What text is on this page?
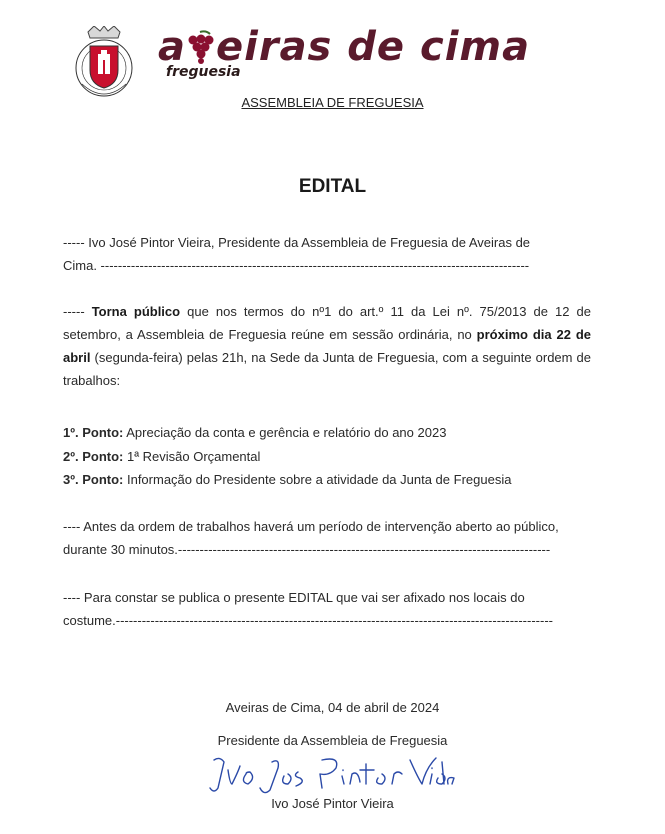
a eiras de cima
freguesia
ASSEMBLEIA DE FREGUESIA
EDITAL
----- Ivo José Pintor Vieira, Presidente da Assembleia de Freguesia de Aveiras de
Cima. ---------------------------------------------------------------------------------------------------
----- Torna público que nos termos do nº1 do art.º 11 da Lei nº. 75/2013 de 12 de setembro, a Assembleia de Freguesia reúne em sessão ordinária, no próximo dia 22 de abril (segunda-feira) pelas 21h, na Sede da Junta de Freguesia, com a seguinte ordem de trabalhos:
1º. Ponto: Apreciação da conta e gerência e relatório do ano 2023
2º. Ponto: 1ª Revisão Orçamental
3º. Ponto: Informação do Presidente sobre a atividade da Junta de Freguesia
---- Antes da ordem de trabalhos haverá um período de intervenção aberto ao público,
durante 30 minutos.--------------------------------------------------------------------------------------
---- Para constar se publica o presente EDITAL que vai ser afixado nos locais do
costume.-----------------------------------------------------------------------------------------------------
Aveiras de Cima, 04 de abril de 2024
Presidente da Assembleia de Freguesia
Ivo José Pintor Vieira
